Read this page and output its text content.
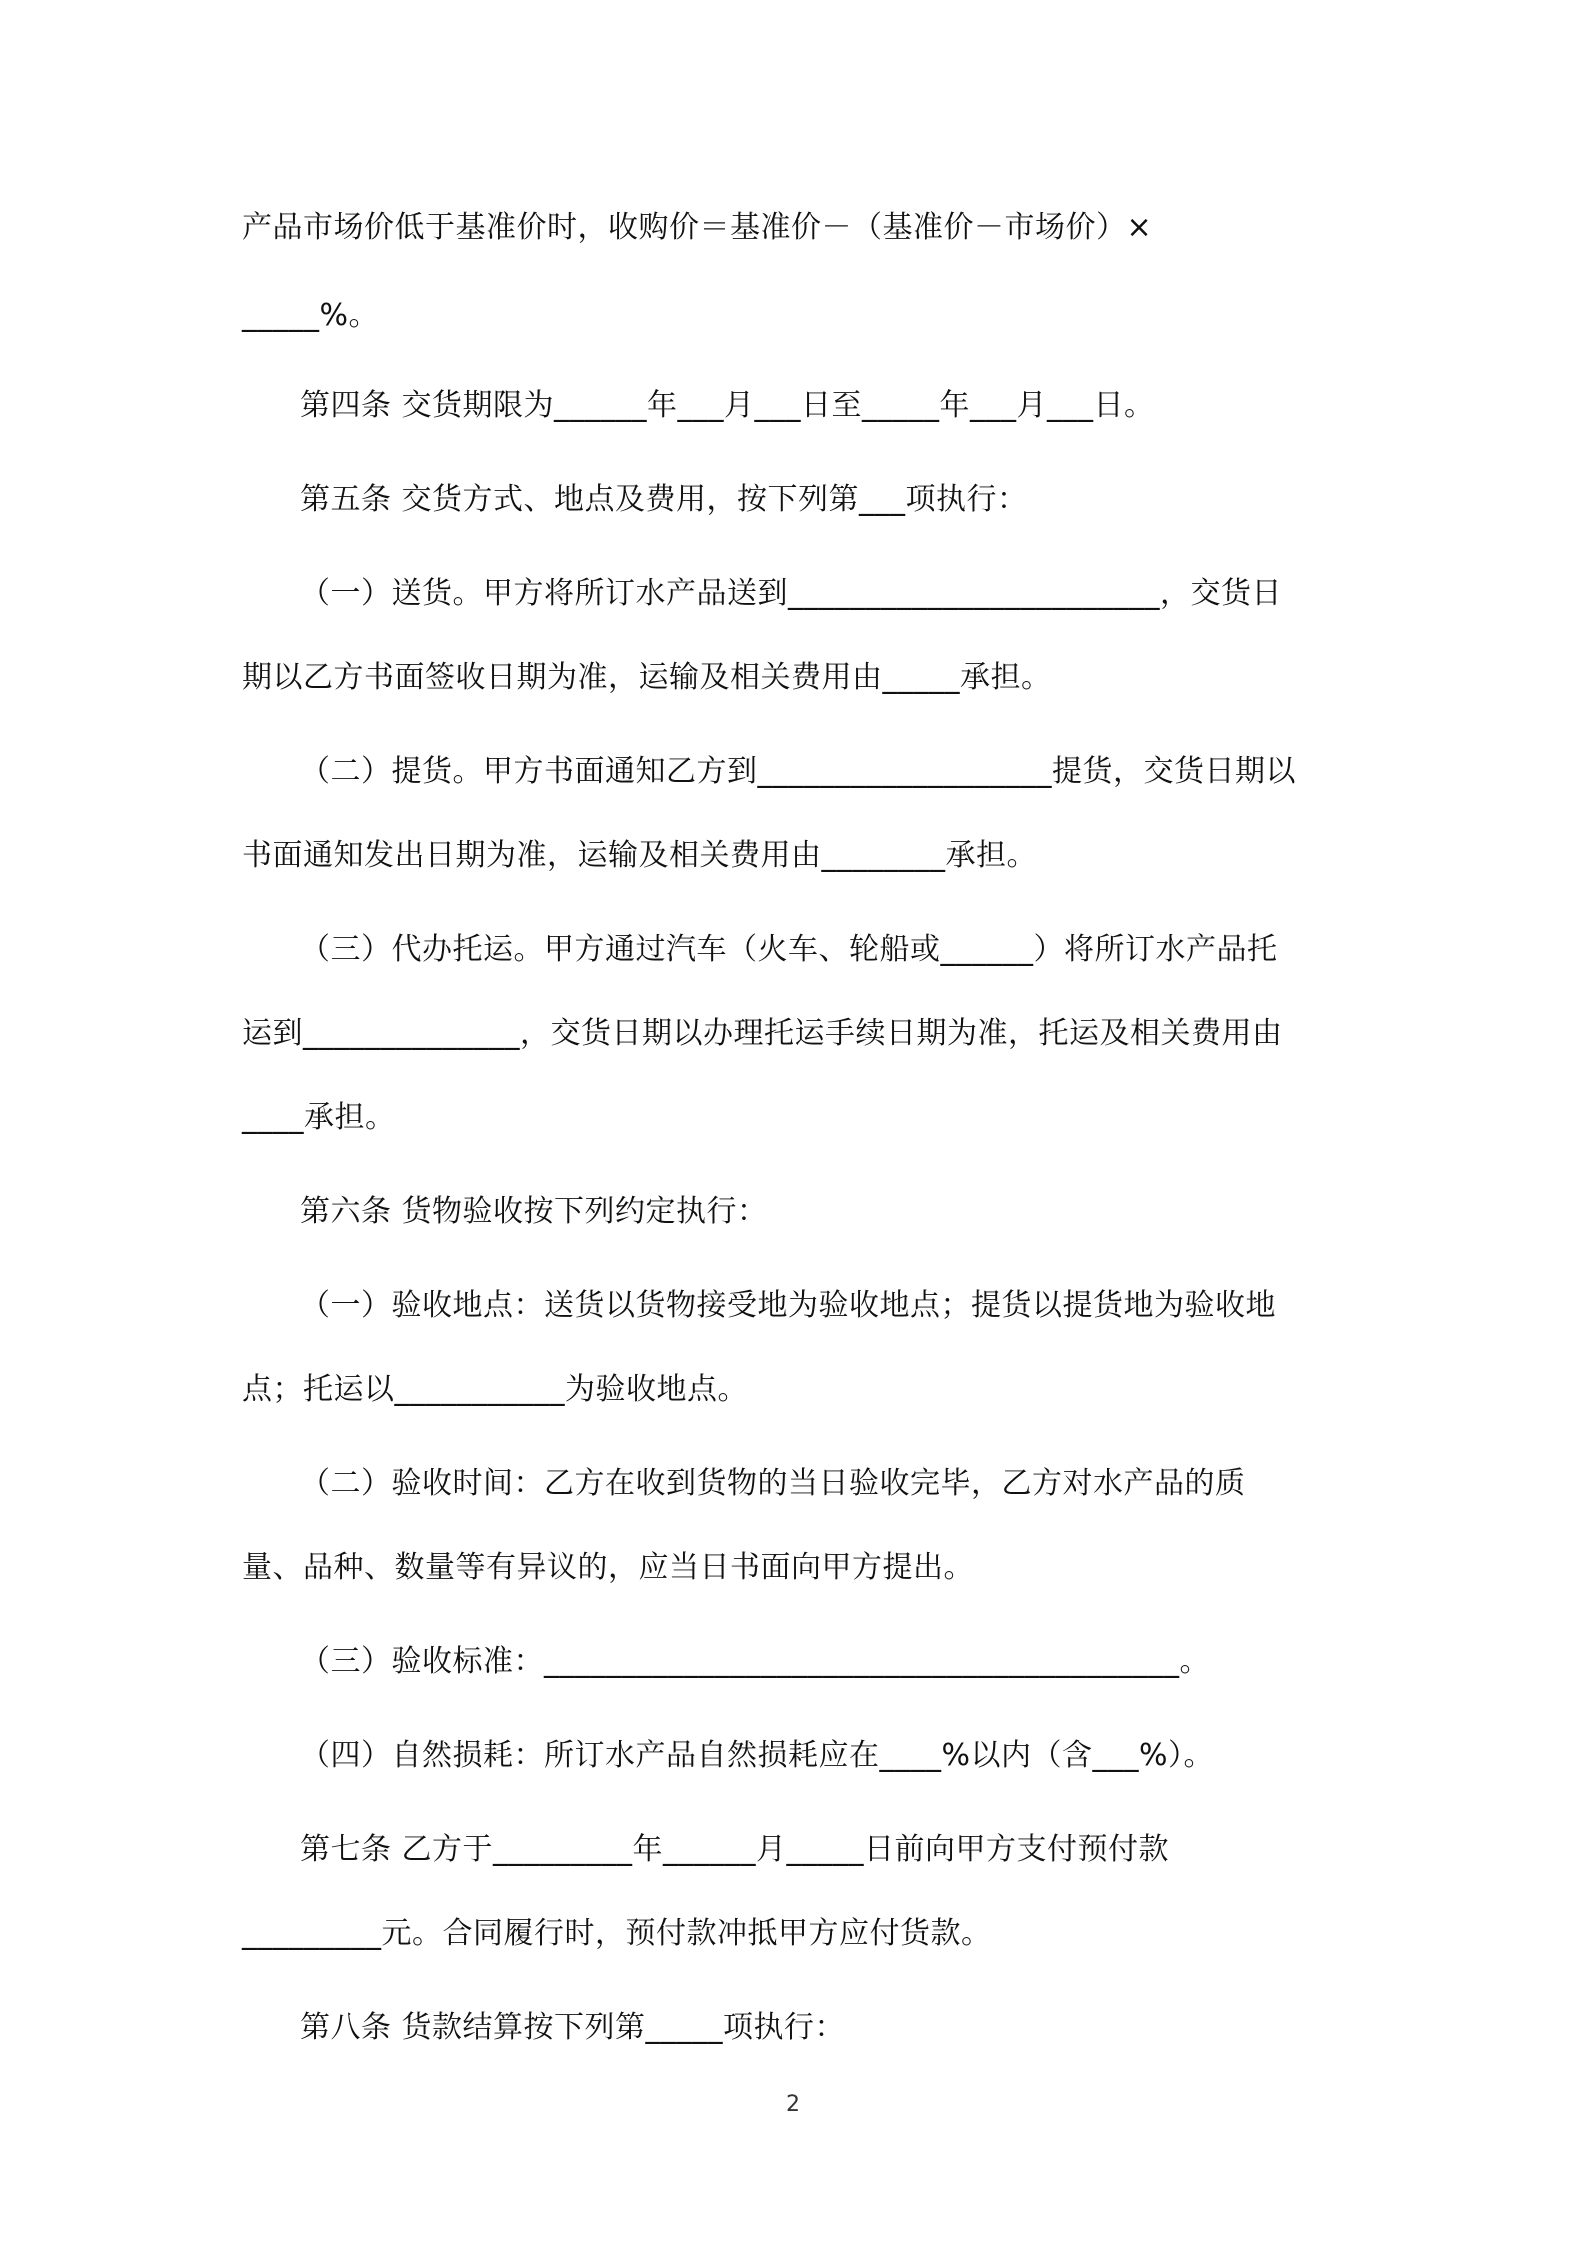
产品市场价低于基准价时，收购价＝基准价－（基准价－市场价）×
_____%。
第四条 交货期限为______年___月___日至_____年___月___日。
第五条 交货方式、地点及费用，按下列第___项执行：
（一）送货。甲方将所订水产品送到________________________，交货日
期以乙方书面签收日期为准，运输及相关费用由_____承担。
（二）提货。甲方书面通知乙方到___________________提货，交货日期以
书面通知发出日期为准，运输及相关费用由________承担。
（三）代办托运。甲方通过汽车（火车、轮船或______）将所订水产品托
运到______________，交货日期以办理托运手续日期为准，托运及相关费用由
____承担。
第六条 货物验收按下列约定执行：
（一）验收地点：送货以货物接受地为验收地点；提货以提货地为验收地
点；托运以___________为验收地点。
（二）验收时间：乙方在收到货物的当日验收完毕，乙方对水产品的质
量、品种、数量等有异议的，应当日书面向甲方提出。
（三）验收标准：_________________________________________。
（四）自然损耗：所订水产品自然损耗应在____%以内（含___%）。
第七条 乙方于_________年______月_____日前向甲方支付预付款
_________元。合同履行时，预付款冲抵甲方应付货款。
第八条 货款结算按下列第_____项执行：
2
